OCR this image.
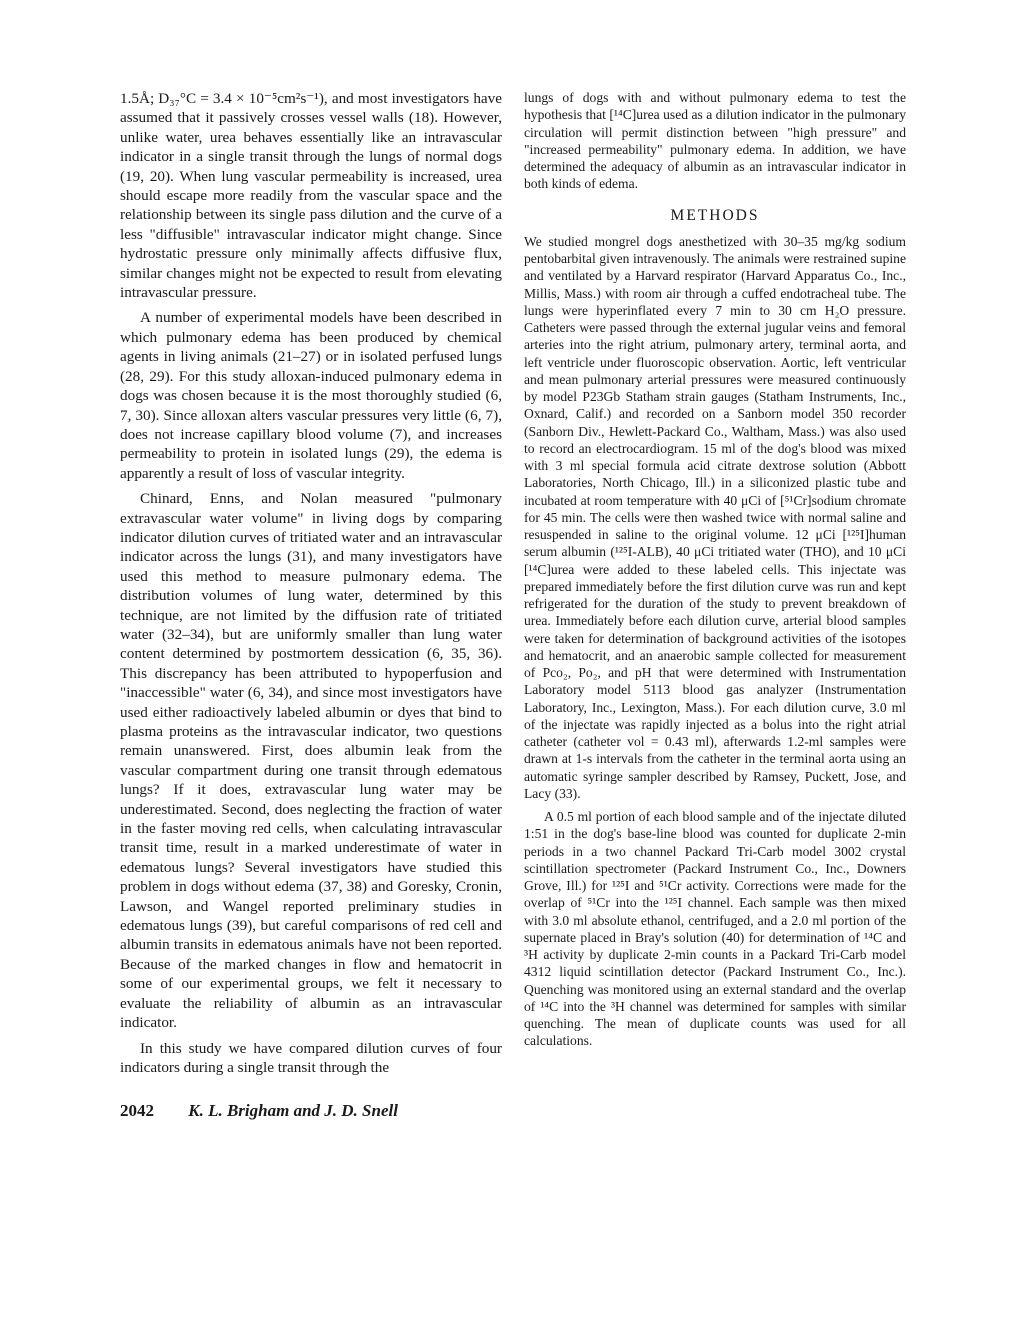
1.5Å; D₃₇°C = 3.4 × 10⁻⁵cm²s⁻¹), and most investigators have assumed that it passively crosses vessel walls (18). However, unlike water, urea behaves essentially like an intravascular indicator in a single transit through the lungs of normal dogs (19, 20). When lung vascular permeability is increased, urea should escape more readily from the vascular space and the relationship between its single pass dilution and the curve of a less "diffusible" intravascular indicator might change. Since hydrostatic pressure only minimally affects diffusive flux, similar changes might not be expected to result from elevating intravascular pressure.

A number of experimental models have been described in which pulmonary edema has been produced by chemical agents in living animals (21–27) or in isolated perfused lungs (28, 29). For this study alloxan-induced pulmonary edema in dogs was chosen because it is the most thoroughly studied (6, 7, 30). Since alloxan alters vascular pressures very little (6, 7), does not increase capillary blood volume (7), and increases permeability to protein in isolated lungs (29), the edema is apparently a result of loss of vascular integrity.

Chinard, Enns, and Nolan measured "pulmonary extravascular water volume" in living dogs by comparing indicator dilution curves of tritiated water and an intravascular indicator across the lungs (31), and many investigators have used this method to measure pulmonary edema. The distribution volumes of lung water, determined by this technique, are not limited by the diffusion rate of tritiated water (32–34), but are uniformly smaller than lung water content determined by postmortem dessication (6, 35, 36). This discrepancy has been attributed to hypoperfusion and "inaccessible" water (6, 34), and since most investigators have used either radioactively labeled albumin or dyes that bind to plasma proteins as the intravascular indicator, two questions remain unanswered. First, does albumin leak from the vascular compartment during one transit through edematous lungs? If it does, extravascular lung water may be underestimated. Second, does neglecting the fraction of water in the faster moving red cells, when calculating intravascular transit time, result in a marked underestimate of water in edematous lungs? Several investigators have studied this problem in dogs without edema (37, 38) and Goresky, Cronin, Lawson, and Wangel reported preliminary studies in edematous lungs (39), but careful comparisons of red cell and albumin transits in edematous animals have not been reported. Because of the marked changes in flow and hematocrit in some of our experimental groups, we felt it necessary to evaluate the reliability of albumin as an intravascular indicator.

In this study we have compared dilution curves of four indicators during a single transit through the

lungs of dogs with and without pulmonary edema to test the hypothesis that [¹⁴C]urea used as a dilution indicator in the pulmonary circulation will permit distinction between "high pressure" and "increased permeability" pulmonary edema. In addition, we have determined the adequacy of albumin as an intravascular indicator in both kinds of edema.

METHODS

We studied mongrel dogs anesthetized with 30–35 mg/kg sodium pentobarbital given intravenously. The animals were restrained supine and ventilated by a Harvard respirator (Harvard Apparatus Co., Inc., Millis, Mass.) with room air through a cuffed endotracheal tube. The lungs were hyperinflated every 7 min to 30 cm H₂O pressure. Catheters were passed through the external jugular veins and femoral arteries into the right atrium, pulmonary artery, terminal aorta, and left ventricle under fluoroscopic observation. Aortic, left ventricular and mean pulmonary arterial pressures were measured continuously by model P23Gb Statham strain gauges (Statham Instruments, Inc., Oxnard, Calif.) and recorded on a Sanborn model 350 recorder (Sanborn Div., Hewlett-Packard Co., Waltham, Mass.) was also used to record an electrocardiogram. 15 ml of the dog's blood was mixed with 3 ml special formula acid citrate dextrose solution (Abbott Laboratories, North Chicago, Ill.) in a siliconized plastic tube and incubated at room temperature with 40 μCi of [⁵¹Cr]sodium chromate for 45 min. The cells were then washed twice with normal saline and resuspended in saline to the original volume. 12 μCi [¹²⁵I]human serum albumin (¹²⁵I-ALB), 40 μCi tritiated water (THO), and 10 μCi [¹⁴C]urea were added to these labeled cells. This injectate was prepared immediately before the first dilution curve was run and kept refrigerated for the duration of the study to prevent breakdown of urea. Immediately before each dilution curve, arterial blood samples were taken for determination of background activities of the isotopes and hematocrit, and an anaerobic sample collected for measurement of Pco₂, Po₂, and pH that were determined with Instrumentation Laboratory model 5113 blood gas analyzer (Instrumentation Laboratory, Inc., Lexington, Mass.). For each dilution curve, 3.0 ml of the injectate was rapidly injected as a bolus into the right atrial catheter (catheter vol = 0.43 ml), afterwards 1.2-ml samples were drawn at 1-s intervals from the catheter in the terminal aorta using an automatic syringe sampler described by Ramsey, Puckett, Jose, and Lacy (33).

A 0.5 ml portion of each blood sample and of the injectate diluted 1:51 in the dog's base-line blood was counted for duplicate 2-min periods in a two channel Packard Tri-Carb model 3002 crystal scintillation spectrometer (Packard Instrument Co., Inc., Downers Grove, Ill.) for ¹²⁵I and ⁵¹Cr activity. Corrections were made for the overlap of ⁵¹Cr into the ¹²⁵I channel. Each sample was then mixed with 3.0 ml absolute ethanol, centrifuged, and a 2.0 ml portion of the supernate placed in Bray's solution (40) for determination of ¹⁴C and ³H activity by duplicate 2-min counts in a Packard Tri-Carb model 4312 liquid scintillation detector (Packard Instrument Co., Inc.). Quenching was monitored using an external standard and the overlap of ¹⁴C into the ³H channel was determined for samples with similar quenching. The mean of duplicate counts was used for all calculations.

2042 K. L. Brigham and J. D. Snell
